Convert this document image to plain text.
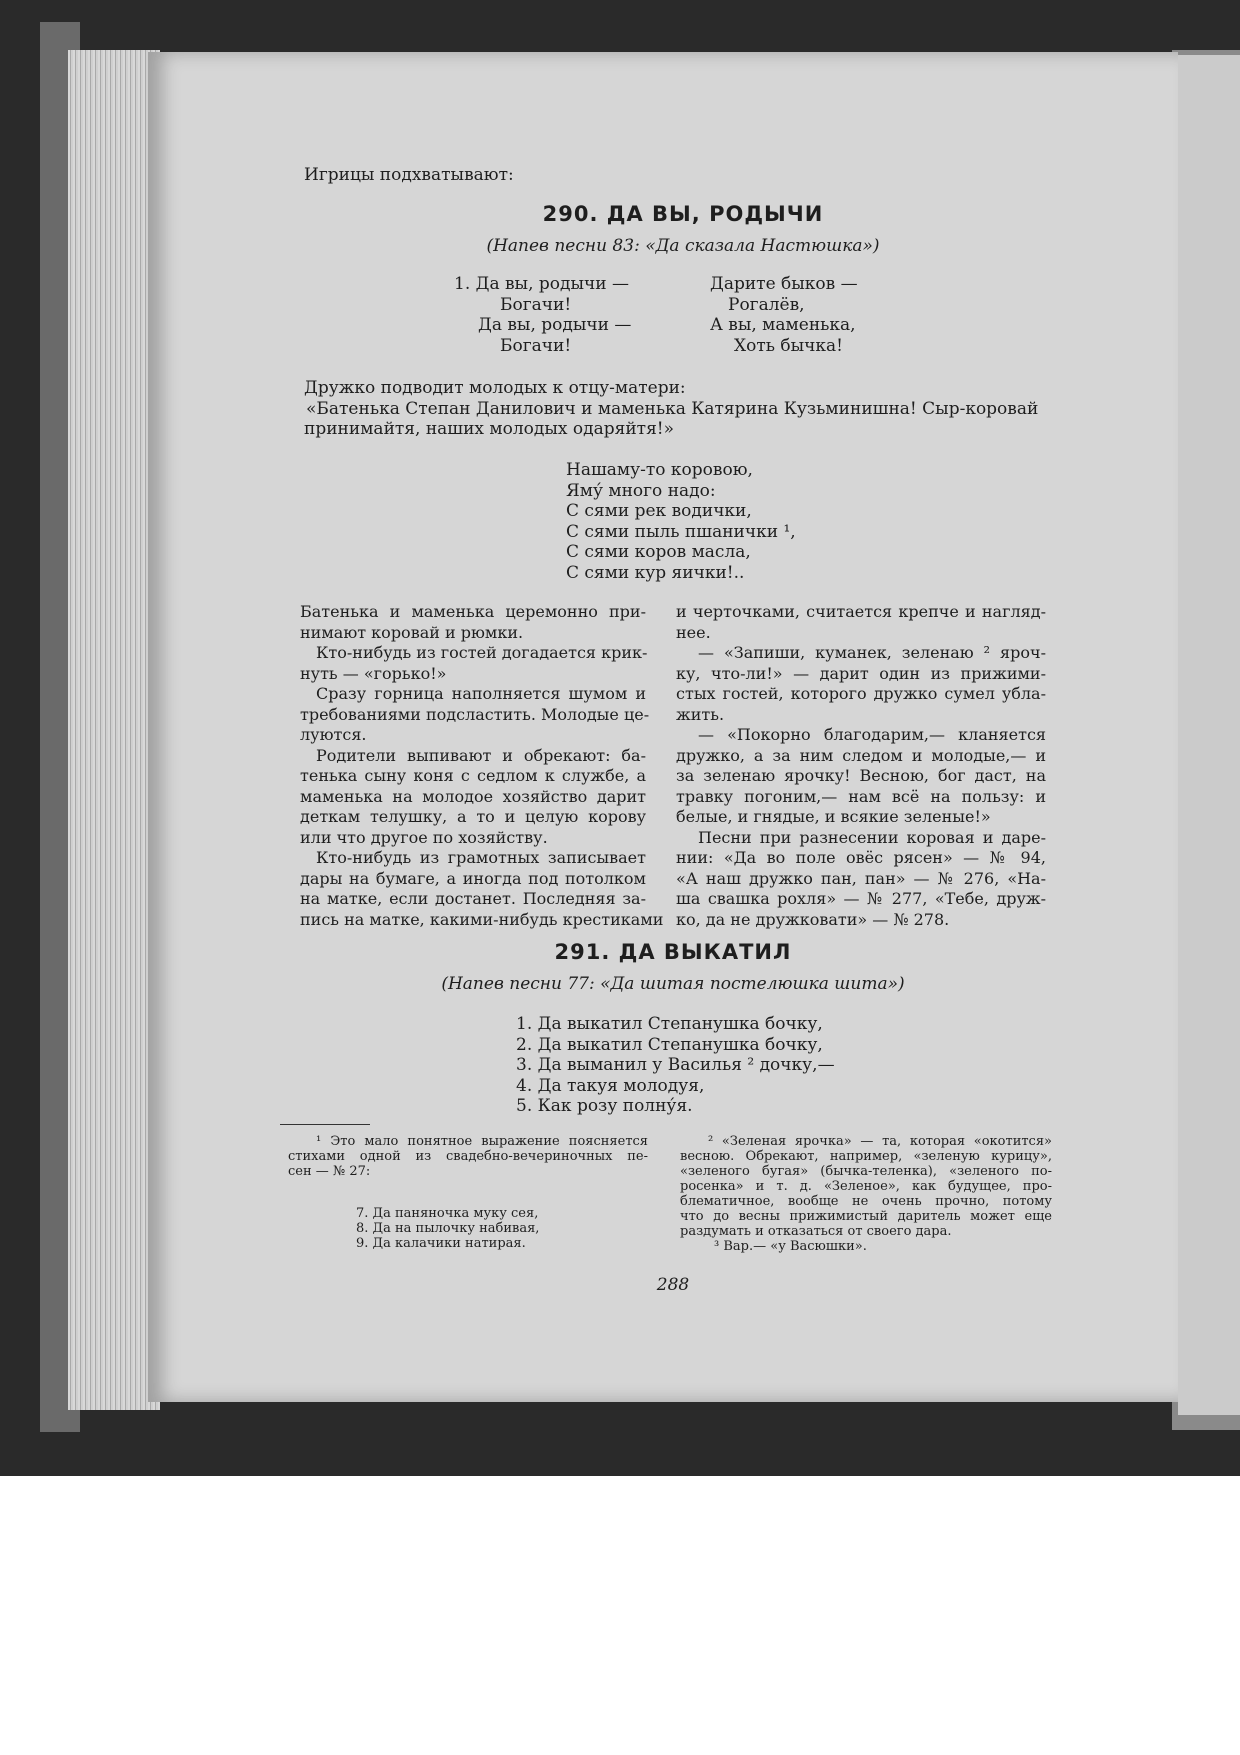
Игрицы подхватывают:
290. ДА ВЫ, РОДЫЧИ
(Напев песни 83: «Да сказала Настюшка»)
1. Да вы, родычи —
Богачи!
Да вы, родычи —
Богачи!
Дарите быков —
Рогалёв,
А вы, маменька,
Хоть бычка!
Дружко подводит молодых к отцу-матери:
«Батенька Степан Данилович и маменька Катярина Кузьминишна! Сыр-коровай
принимайтя, наших молодых одаряйтя!»
Нашаму-то коровою,
Яму́ много надо:
С сями рек водички,
С сями пыль пшанички ¹,
С сями коров масла,
С сями кур яички!..
Батенька и маменька церемонно при-
нимают коровай и рюмки.
Кто-нибудь из гостей догадается крик-
нуть — «горько!»
Сразу горница наполняется шумом и
требованиями подсластить. Молодые це-
луются.
Родители выпивают и обрекают: ба-
тенька сыну коня с седлом к службе, а
маменька на молодое хозяйство дарит
деткам телушку, а то и целую корову
или что другое по хозяйству.
Кто-нибудь из грамотных записывает
дары на бумаге, а иногда под потолком
на матке, если достанет. Последняя за-
пись на матке, какими-нибудь крестиками
и черточками, считается крепче и нагляд-
нее.
— «Запиши, куманек, зеленаю ² яроч-
ку, что-ли!» — дарит один из прижими-
стых гостей, которого дружко сумел убла-
жить.
— «Покорно благодарим,— кланяется
дружко, а за ним следом и молодые,— и
за зеленаю ярочку! Весною, бог даст, на
травку погоним,— нам всё на пользу: и
белые, и гнядые, и всякие зеленые!»
Песни при разнесении коровая и даре-
нии: «Да во поле овёс рясен» — № 94,
«А наш дружко пан, пан» — № 276, «На-
ша свашка рохля» — № 277, «Тебе, друж-
ко, да не дружковати» — № 278.
291. ДА ВЫКАТИЛ
(Напев песни 77: «Да шитая постелюшка шита»)
1. Да выкатил Степанушка бочку,
2. Да выкатил Степанушка бочку,
3. Да выманил у Василья ² дочку,—
4. Да такуя молодуя,
5. Как розу полну́я.
¹ Это мало понятное выражение поясняется
стихами одной из свадебно-вечериночных пе-
сен — № 27:
7. Да паняночка муку сея,
8. Да на пылочку набивая,
9. Да калачики натирая.
² «Зеленая ярочка» — та, которая «окотится»
весною. Обрекают, например, «зеленую курицу»,
«зеленого бугая» (бычка-теленка), «зеленого по-
росенка» и т. д. «Зеленое», как будущее, про-
блематичное, вообще не очень прочно, потому
что до весны прижимистый даритель может еще
раздумать и отказаться от своего дара.
³ Вар.— «у Васюшки».
288
